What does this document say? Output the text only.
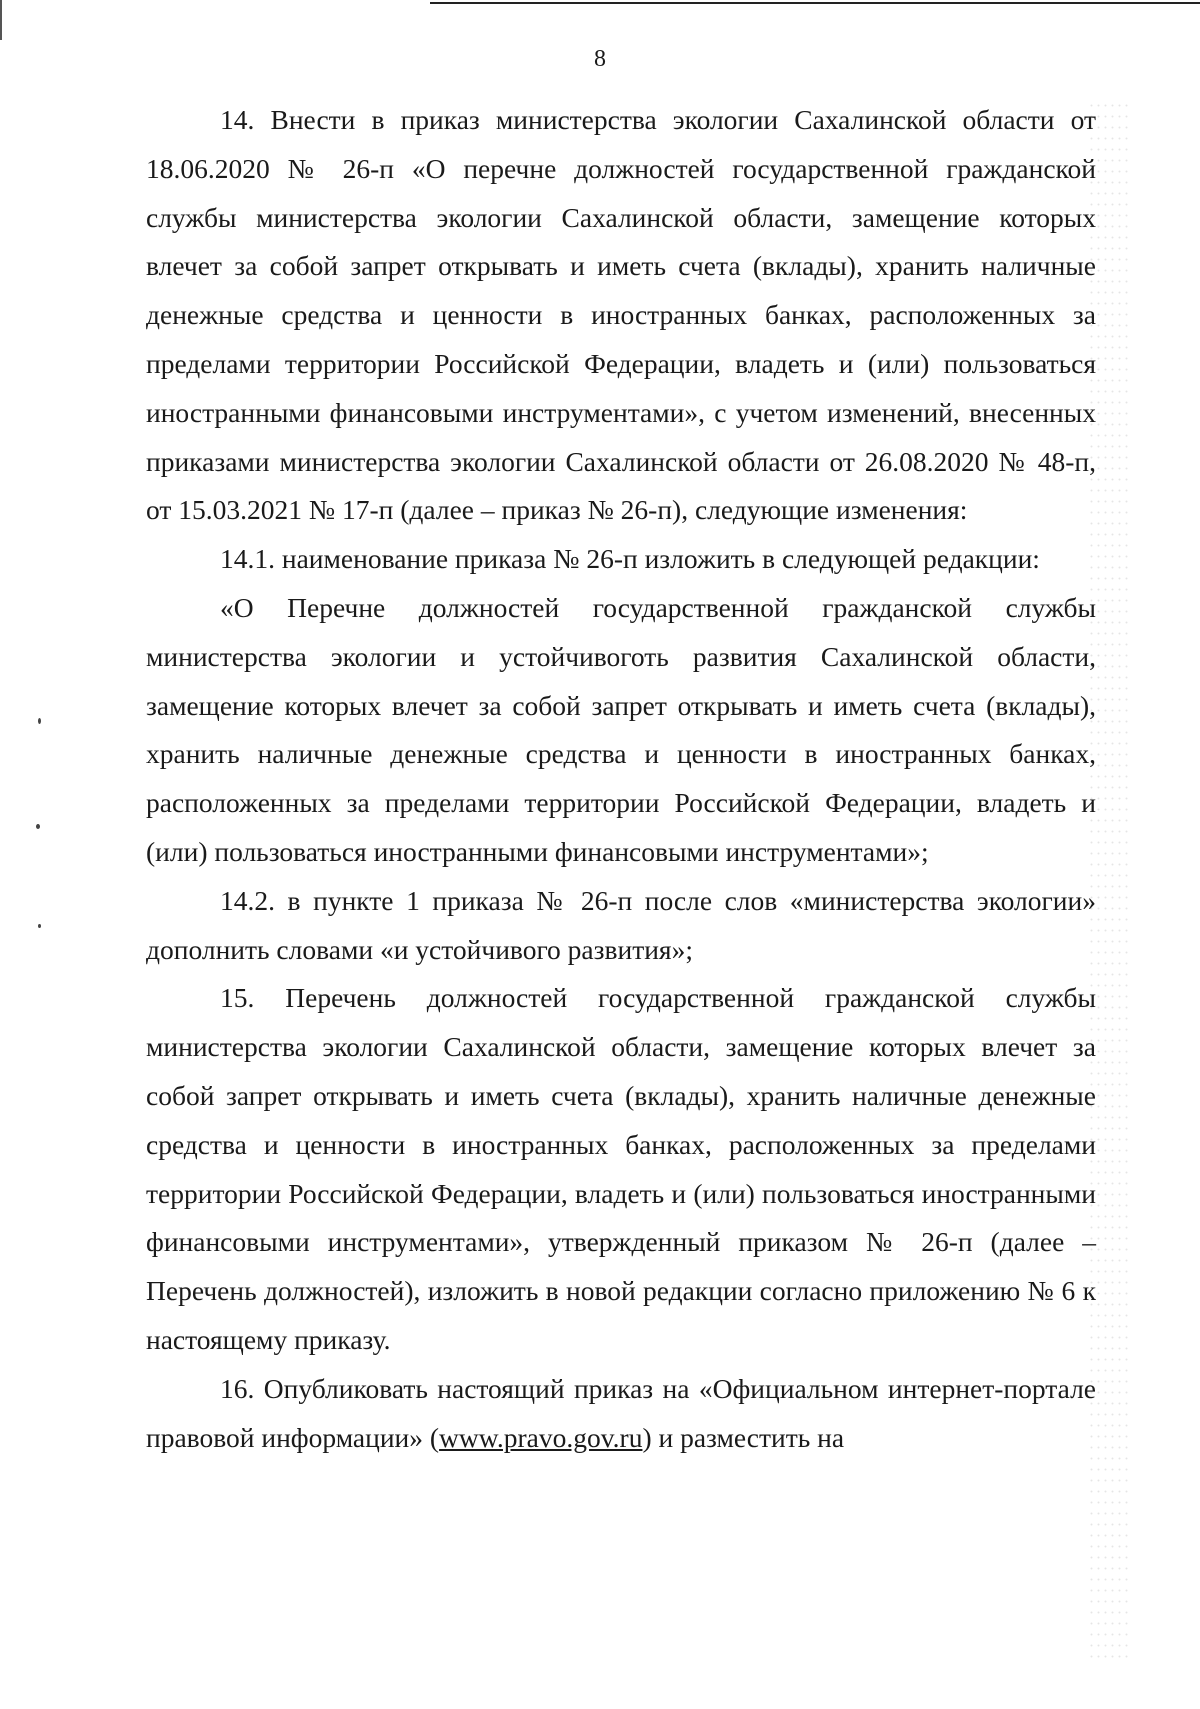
8

14. Внести в приказ министерства экологии Сахалинской области от 18.06.2020 № 26-п «О перечне должностей государственной гражданской службы министерства экологии Сахалинской области, замещение которых влечет за собой запрет открывать и иметь счета (вклады), хранить наличные денежные средства и ценности в иностранных банках, расположенных за пределами территории Российской Федерации, владеть и (или) пользоваться иностранными финансовыми инструментами», с учетом изменений, внесенных приказами министерства экологии Сахалинской области от 26.08.2020 № 48-п, от 15.03.2021 № 17-п (далее – приказ № 26-п), следующие изменения:

14.1. наименование приказа № 26-п изложить в следующей редакции:

«О Перечне должностей государственной гражданской службы министерства экологии и устойчивоготь развития Сахалинской области, замещение которых влечет за собой запрет открывать и иметь счета (вклады), хранить наличные денежные средства и ценности в иностранных банках, расположенных за пределами территории Российской Федерации, владеть и (или) пользоваться иностранными финансовыми инструментами»;

14.2. в пункте 1 приказа № 26-п после слов «министерства экологии» дополнить словами «и устойчивого развития»;

15. Перечень должностей государственной гражданской службы министерства экологии Сахалинской области, замещение которых влечет за собой запрет открывать и иметь счета (вклады), хранить наличные денежные средства и ценности в иностранных банках, расположенных за пределами территории Российской Федерации, владеть и (или) пользоваться иностранными финансовыми инструментами», утвержденный приказом № 26-п (далее – Перечень должностей), изложить в новой редакции согласно приложению № 6 к настоящему приказу.

16. Опубликовать настоящий приказ на «Официальном интернет-портале правовой информации» (www.pravo.gov.ru) и разместить на
